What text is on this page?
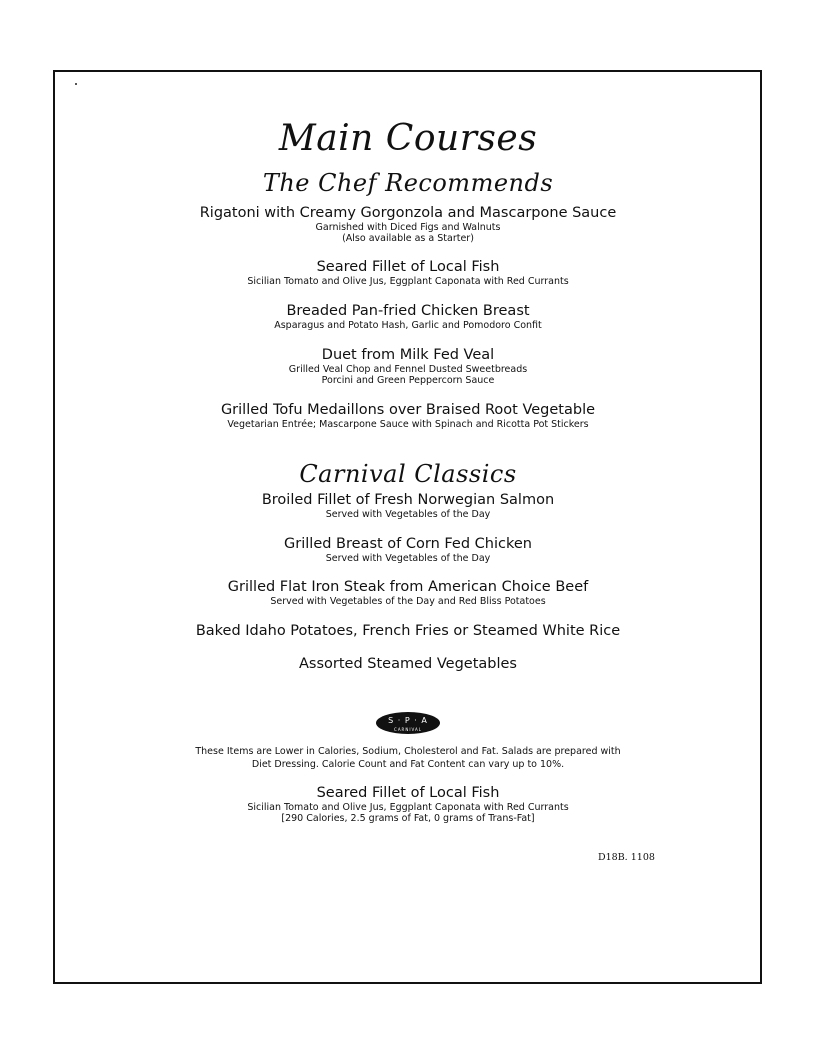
Main Courses
The Chef Recommends
Rigatoni with Creamy Gorgonzola and Mascarpone Sauce
Garnished with Diced Figs and Walnuts
(Also available as a Starter)
Seared Fillet of Local Fish
Sicilian Tomato and Olive Jus, Eggplant Caponata with Red Currants
Breaded Pan-fried Chicken Breast
Asparagus and Potato Hash, Garlic and Pomodoro Confit
Duet from Milk Fed Veal
Grilled Veal Chop and Fennel Dusted Sweetbreads
Porcini and Green Peppercorn Sauce
Grilled Tofu Medaillons over Braised Root Vegetable
Vegetarian Entrée; Mascarpone Sauce with Spinach and Ricotta Pot Stickers
Carnival Classics
Broiled Fillet of Fresh Norwegian Salmon
Served with Vegetables of the Day
Grilled Breast of Corn Fed Chicken
Served with Vegetables of the Day
Grilled Flat Iron Steak from American Choice Beef
Served with Vegetables of the Day and Red Bliss Potatoes
Baked Idaho Potatoes, French Fries or Steamed White Rice
Assorted Steamed Vegetables
S · P · A
CARNIVAL
These Items are Lower in Calories, Sodium, Cholesterol and Fat. Salads are prepared with
Diet Dressing. Calorie Count and Fat Content can vary up to 10%.
Seared Fillet of Local Fish
Sicilian Tomato and Olive Jus, Eggplant Caponata with Red Currants
[290 Calories, 2.5 grams of Fat, 0 grams of Trans-Fat]
D18B. 1108
